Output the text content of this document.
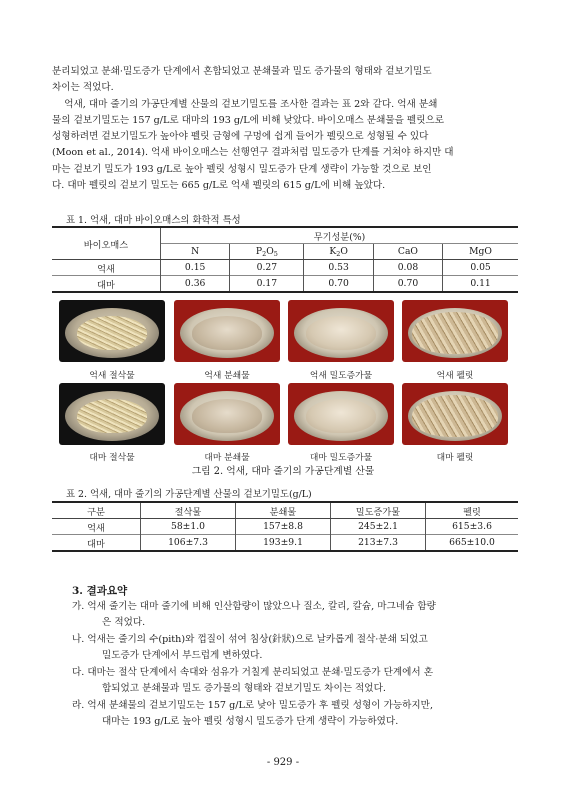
분리되었고 분쇄·밀도증가 단계에서 혼합되었고 분쇄물과 밀도 증가물의 형태와 겉보기밀도
차이는 적었다.
억새, 대마 줄기의 가공단계별 산물의 겉보기밀도를 조사한 결과는 표 2와 같다. 억새 분쇄
물의 겉보기밀도는 157 g/L로 대마의 193 g/L에 비해 낮았다. 바이오매스 분쇄물을 펠릿으로
성형하려면 겉보기밀도가 높아야 펠릿 금형에 구멍에 쉽게 들어가 펠릿으로 성형될 수 있다
(Moon et al., 2014). 억새 바이오매스는 선행연구 결과처럼 밀도증가 단계를 거쳐야 하지만 대
마는 겉보기 밀도가 193 g/L로 높아 펠릿 성형시 밀도증가 단계 생략이 가능할 것으로 보인
다. 대마 펠릿의 겉보기 밀도는 665 g/L로 억새 펠릿의 615 g/L에 비해 높았다.
표 1. 억새, 대마 바이오매스의 화학적 특성
바이오매스	무기성분(%)				
	N	$P_2O_5$	$K_2O$	CaO	MgO
억새	0.15	0.27	0.53	0.08	0.05
대마	0.36	0.17	0.70	0.70	0.11
억새 절삭물	억새 분쇄물	억새 밀도증가물	억새 펠릿
대마 절삭물	대마 분쇄물	대마 밀도증가물	대마 펠릿
그림 2. 억새, 대마 줄기의 가공단계별 산물
표 2. 억새, 대마 줄기의 가공단계별 산물의 겉보기밀도(g/L)
구분	절삭물	분쇄물	밀도증가물	펠릿
억새	58±1.0	157±8.8	245±2.1	615±3.6
대마	106±7.3	193±9.1	213±7.3	665±10.0
3. 결과요약
가. 억새 줄기는 대마 줄기에 비해 인산함량이 많았으나 질소, 칼리, 칼슘, 마그네슘 함량
은 적었다.
나. 억새는 줄기의 수(pith)와 껍질이 섞여 침상(針狀)으로 날카롭게 절삭·분쇄 되었고
밀도증가 단계에서 부드럽게 변하였다.
다. 대마는 절삭 단계에서 속대와 섬유가 거칠게 분리되었고 분쇄·밀도증가 단계에서 혼
합되었고 분쇄물과 밀도 증가물의 형태와 겉보기밀도 차이는 적었다.
라. 억새 분쇄물의 겉보기밀도는 157 g/L로 낮아 밀도증가 후 펠릿 성형이 가능하지만,
대마는 193 g/L로 높아 펠릿 성형시 밀도증가 단계 생략이 가능하였다.
- 929 -
